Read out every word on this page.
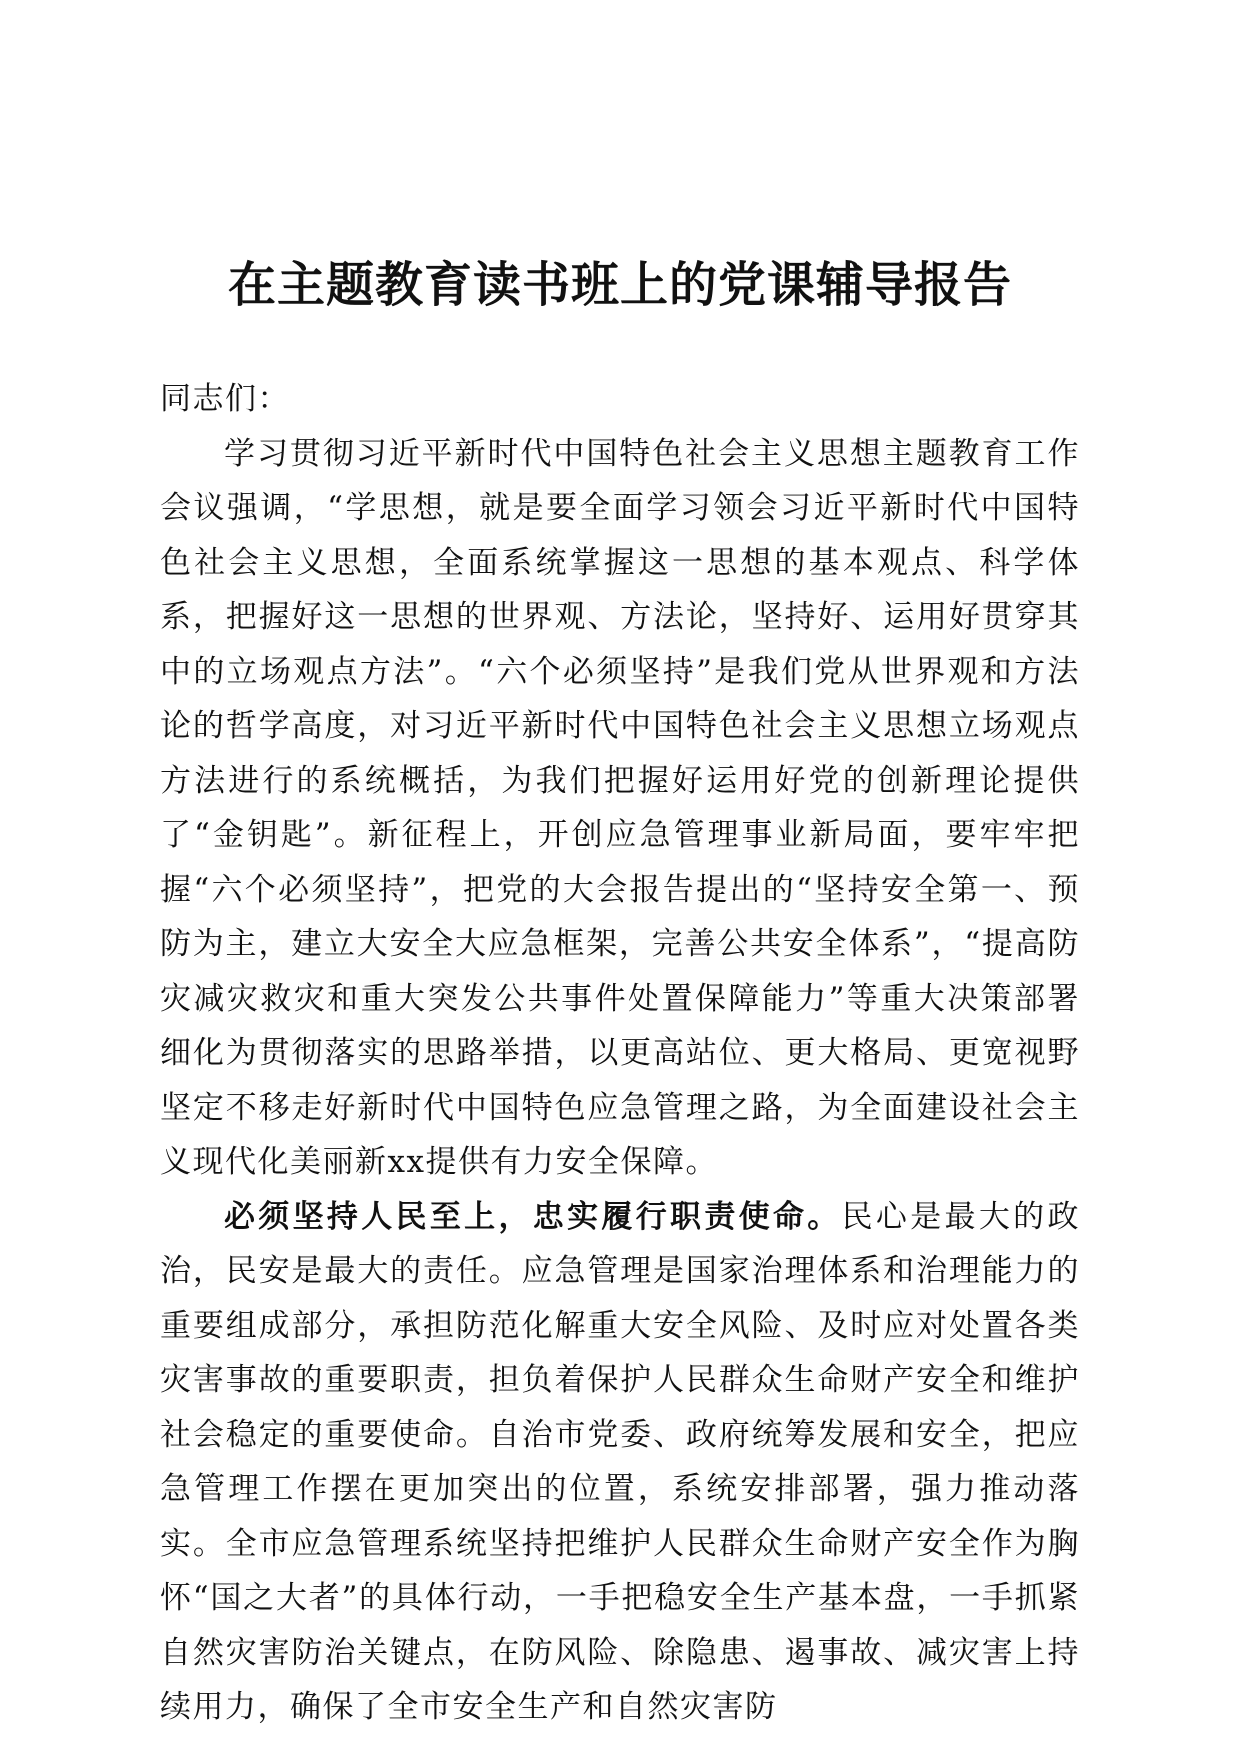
在主题教育读书班上的党课辅导报告

同志们：

学习贯彻习近平新时代中国特色社会主义思想主题教育工作会议强调，“学思想，就是要全面学习领会习近平新时代中国特色社会主义思想，全面系统掌握这一思想的基本观点、科学体系，把握好这一思想的世界观、方法论，坚持好、运用好贯穿其中的立场观点方法”。“六个必须坚持”是我们党从世界观和方法论的哲学高度，对习近平新时代中国特色社会主义思想立场观点方法进行的系统概括，为我们把握好运用好党的创新理论提供了“金钥匙”。新征程上，开创应急管理事业新局面，要牢牢把握“六个必须坚持”，把党的大会报告提出的“坚持安全第一、预防为主，建立大安全大应急框架，完善公共安全体系”，“提高防灾减灾救灾和重大突发公共事件处置保障能力”等重大决策部署细化为贯彻落实的思路举措，以更高站位、更大格局、更宽视野坚定不移走好新时代中国特色应急管理之路，为全面建设社会主义现代化美丽新xx提供有力安全保障。

必须坚持人民至上，忠实履行职责使命。民心是最大的政治，民安是最大的责任。应急管理是国家治理体系和治理能力的重要组成部分，承担防范化解重大安全风险、及时应对处置各类灾害事故的重要职责，担负着保护人民群众生命财产安全和维护社会稳定的重要使命。自治市党委、政府统筹发展和安全，把应急管理工作摆在更加突出的位置，系统安排部署，强力推动落实。全市应急管理系统坚持把维护人民群众生命财产安全作为胸怀“国之大者”的具体行动，一手把稳安全生产基本盘，一手抓紧自然灾害防治关键点，在防风险、除隐患、遏事故、减灾害上持续用力，确保了全市安全生产和自然灾害防
